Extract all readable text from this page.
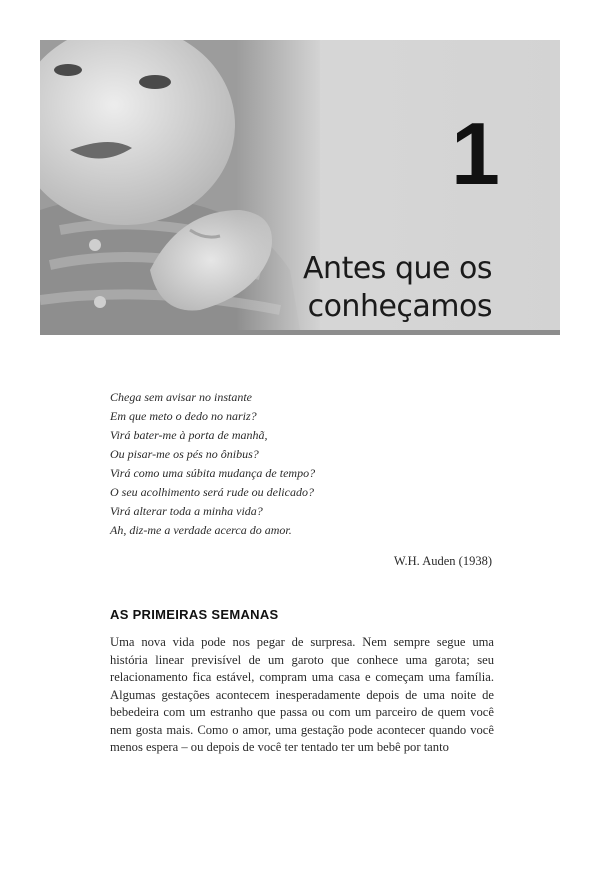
1
Antes que os
conheçamos
Chega sem avisar no instante
Em que meto o dedo no nariz?
Virá bater-me à porta de manhã,
Ou pisar-me os pés no ônibus?
Virá como uma súbita mudança de tempo?
O seu acolhimento será rude ou delicado?
Virá alterar toda a minha vida?
Ah, diz-me a verdade acerca do amor.
W.H. Auden (1938)
AS PRIMEIRAS SEMANAS
Uma nova vida pode nos pegar de surpresa. Nem sempre segue uma história linear previsível de um garoto que conhece uma garota; seu relacionamento fica estável, compram uma casa e começam uma família. Algumas gestações acontecem inesperadamente depois de uma noite de bebedeira com um estranho que passa ou com um parceiro de quem você nem gosta mais. Como o amor, uma gestação pode acontecer quando você menos espera – ou depois de você ter tentado ter um bebê por tanto
